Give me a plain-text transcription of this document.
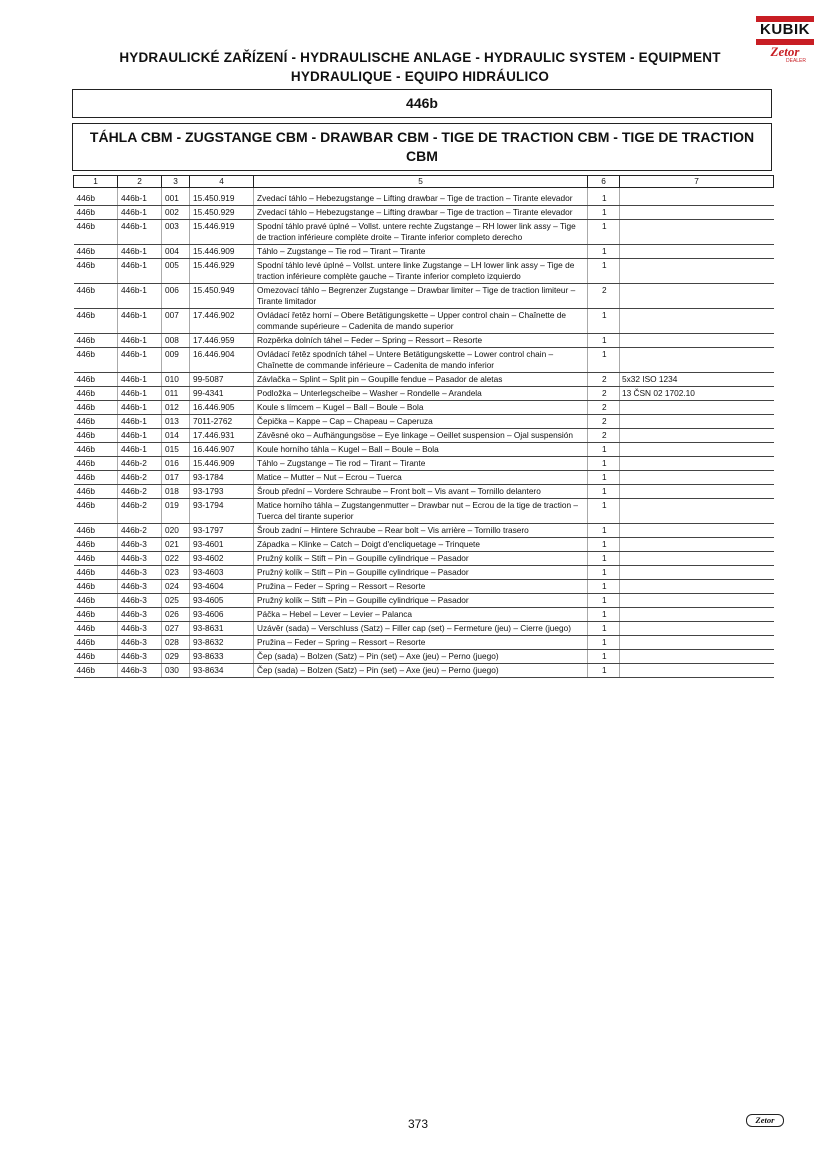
KUBIK
Zetor
DEALER
HYDRAULICKÉ ZAŘÍZENÍ - HYDRAULISCHE ANLAGE - HYDRAULIC SYSTEM - EQUIPMENT
HYDRAULIQUE - EQUIPO HIDRÁULICO
446b
TÁHLA CBM - ZUGSTANGE CBM - DRAWBAR CBM - TIGE DE TRACTION CBM - TIGE DE TRACTION CBM
1	2	3	4	5	6	7
446b	446b-1	001	15.450.919	Zvedací táhlo – Hebezugstange – Lifting drawbar – Tige de traction – Tirante elevador	1	
446b	446b-1	002	15.450.929	Zvedací táhlo – Hebezugstange – Lifting drawbar – Tige de traction – Tirante elevador	1	
446b	446b-1	003	15.446.919	Spodní táhlo pravé úplné – Vollst. untere rechte Zugstange – RH lower link assy – Tige de traction inférieure complète droite – Tirante inferior completo derecho	1	
446b	446b-1	004	15.446.909	Táhlo – Zugstange – Tie rod – Tirant – Tirante	1	
446b	446b-1	005	15.446.929	Spodní táhlo levé úplné – Vollst. untere linke Zugstange – LH lower link assy – Tige de traction inférieure complète gauche – Tirante inferior completo izquierdo	1	
446b	446b-1	006	15.450.949	Omezovací táhlo – Begrenzer Zugstange – Drawbar limiter – Tige de traction limiteur – Tirante limitador	2	
446b	446b-1	007	17.446.902	Ovládací řetěz horní – Obere Betätigungskette – Upper control chain – Chaînette de commande supérieure – Cadenita de mando superior	1	
446b	446b-1	008	17.446.959	Rozpěrka dolních táhel – Feder – Spring – Ressort – Resorte	1	
446b	446b-1	009	16.446.904	Ovládací řetěz spodních táhel – Untere Betätigungskette – Lower control chain – Chaînette de commande inférieure – Cadenita de mando inferior	1	
446b	446b-1	010	99-5087	Závlačka – Splint – Split pin – Goupille fendue – Pasador de aletas	2	5x32 ISO 1234
446b	446b-1	011	99-4341	Podložka – Unterlegscheibe – Washer – Rondelle – Arandela	2	13 ČSN 02 1702.10
446b	446b-1	012	16.446.905	Koule s límcem – Kugel – Ball – Boule – Bola	2	
446b	446b-1	013	7011-2762	Čepička – Kappe – Cap – Chapeau – Caperuza	2	
446b	446b-1	014	17.446.931	Závěsné oko – Aufhängungsöse – Eye linkage – Oeillet suspension – Ojal suspensión	2	
446b	446b-1	015	16.446.907	Koule horního táhla – Kugel – Ball – Boule – Bola	1	
446b	446b-2	016	15.446.909	Táhlo – Zugstange – Tie rod – Tirant – Tirante	1	
446b	446b-2	017	93-1784	Matice – Mutter – Nut – Ecrou – Tuerca	1	
446b	446b-2	018	93-1793	Šroub přední – Vordere Schraube – Front bolt – Vis avant – Tornillo delantero	1	
446b	446b-2	019	93-1794	Matice horního táhla – Zugstangenmutter – Drawbar nut – Ecrou de la tige de traction – Tuerca del tirante superior	1	
446b	446b-2	020	93-1797	Šroub zadní – Hintere Schraube – Rear bolt – Vis arrière – Tornillo trasero	1	
446b	446b-3	021	93-4601	Západka – Klinke – Catch – Doigt d'encliquetage – Trinquete	1	
446b	446b-3	022	93-4602	Pružný kolík – Stift – Pin – Goupille cylindrique – Pasador	1	
446b	446b-3	023	93-4603	Pružný kolík – Stift – Pin – Goupille cylindrique – Pasador	1	
446b	446b-3	024	93-4604	Pružina – Feder – Spring – Ressort – Resorte	1	
446b	446b-3	025	93-4605	Pružný kolík – Stift – Pin – Goupille cylindrique – Pasador	1	
446b	446b-3	026	93-4606	Páčka – Hebel – Lever – Levier – Palanca	1	
446b	446b-3	027	93-8631	Uzávěr (sada) – Verschluss (Satz) – Filler cap (set) – Fermeture (jeu) – Cierre (juego)	1	
446b	446b-3	028	93-8632	Pružina – Feder – Spring – Ressort – Resorte	1	
446b	446b-3	029	93-8633	Čep (sada) – Bolzen (Satz) – Pin (set) – Axe (jeu) – Perno (juego)	1	
446b	446b-3	030	93-8634	Čep (sada) – Bolzen (Satz) – Pin (set) – Axe (jeu) – Perno (juego)	1	
373	Zetor
